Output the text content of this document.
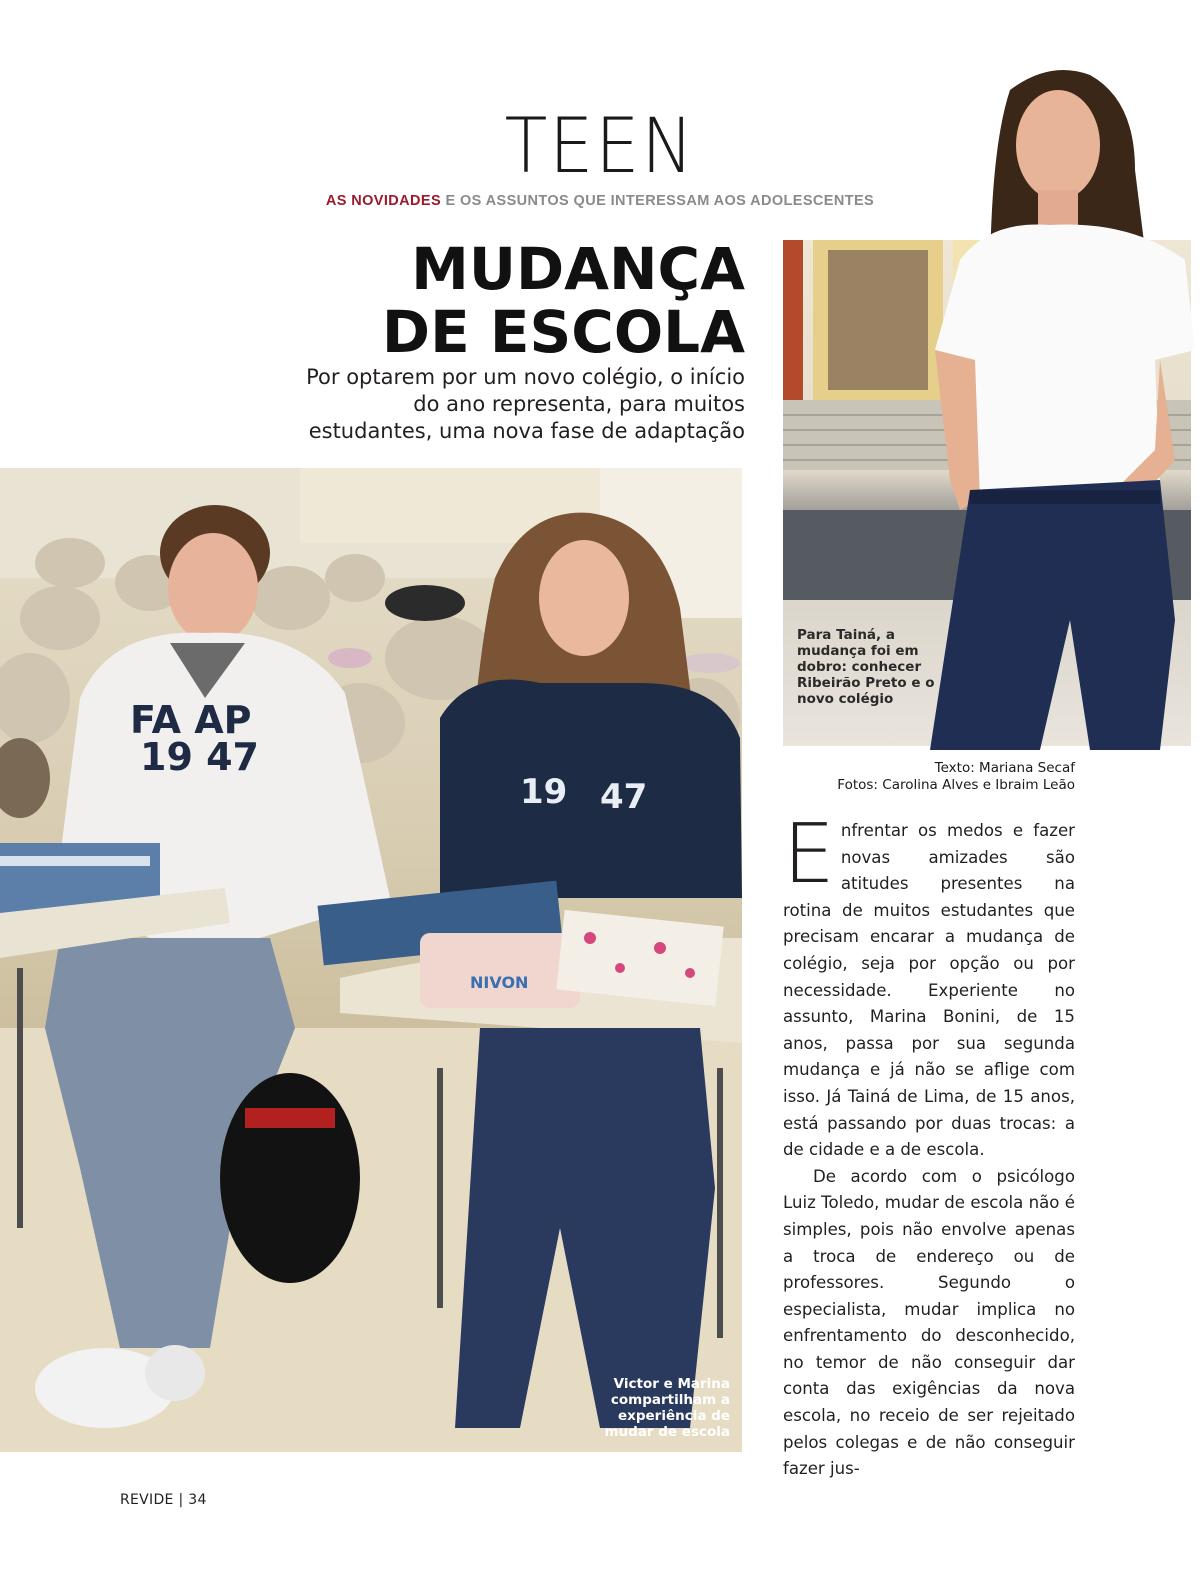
TEEN

AS NOVIDADES E OS ASSUNTOS QUE INTERESSAM AOS ADOLESCENTES

MUDANÇA
DE ESCOLA

Por optarem por um novo colégio, o início do ano representa, para muitos estudantes, uma nova fase de adaptação

FA AP
19 47
19 47
NIVON

Victor e Marina compartilham a experiência de mudar de escola

Para Tainá, a mudança foi em dobro: conhecer Ribeirão Preto e o novo colégio

Texto: Mariana Secaf

Fotos: Carolina Alves e Ibraim Leão

Enfrentar os medos e fazer novas amizades são atitudes presentes na rotina de muitos estudantes que precisam encarar a mudança de colégio, seja por opção ou por necessidade. Experiente no assunto, Marina Bonini, de 15 anos, passa por sua segunda mudança e já não se aflige com isso. Já Tainá de Lima, de 15 anos, está passando por duas trocas: a de cidade e a de escola.

De acordo com o psicólogo Luiz Toledo, mudar de escola não é simples, pois não envolve apenas a troca de endereço ou de professores. Segundo o especialista, mudar implica no enfrentamento do desconhecido, no temor de não conseguir dar conta das exigências da nova escola, no receio de ser rejeitado pelos colegas e de não conseguir fazer jus-

REVIDE | 34
